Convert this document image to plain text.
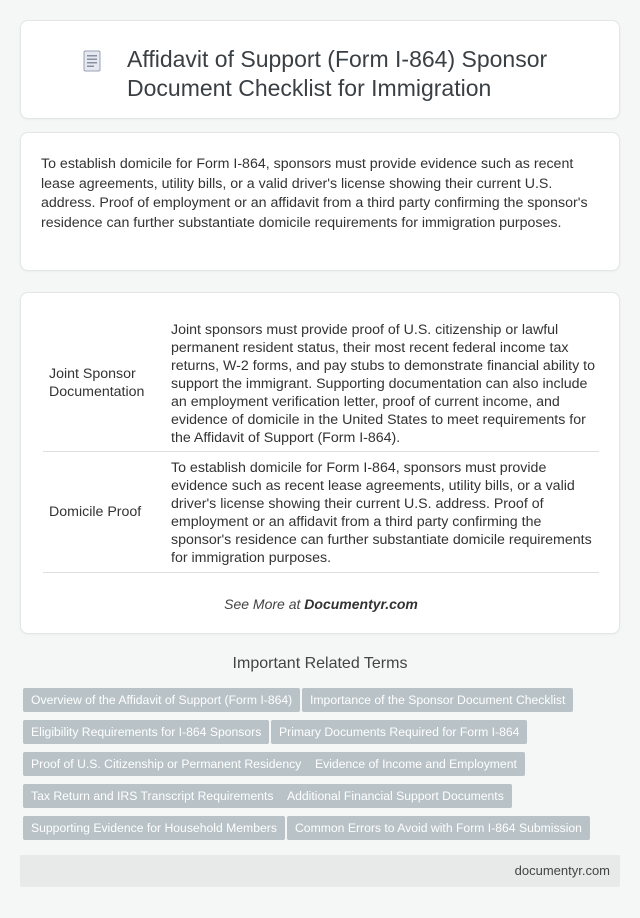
Affidavit of Support (Form I-864) Sponsor Document Checklist for Immigration

To establish domicile for Form I-864, sponsors must provide evidence such as recent lease agreements, utility bills, or a valid driver's license showing their current U.S. address. Proof of employment or an affidavit from a third party confirming the sponsor's residence can further substantiate domicile requirements for immigration purposes.

Joint Sponsor Documentation
Joint sponsors must provide proof of U.S. citizenship or lawful permanent resident status, their most recent federal income tax returns, W-2 forms, and pay stubs to demonstrate financial ability to support the immigrant. Supporting documentation can also include an employment verification letter, proof of current income, and evidence of domicile in the United States to meet requirements for the Affidavit of Support (Form I-864).
Domicile Proof
To establish domicile for Form I-864, sponsors must provide evidence such as recent lease agreements, utility bills, or a valid driver's license showing their current U.S. address. Proof of employment or an affidavit from a third party confirming the sponsor's residence can further substantiate domicile requirements for immigration purposes.
See More at Documentyr.com
Important Related Terms
Overview of the Affidavit of Support (Form I-864)	Importance of the Sponsor Document Checklist
Eligibility Requirements for I-864 Sponsors	Primary Documents Required for Form I-864
Proof of U.S. Citizenship or Permanent Residency	Evidence of Income and Employment
Tax Return and IRS Transcript Requirements	Additional Financial Support Documents
Supporting Evidence for Household Members	Common Errors to Avoid with Form I-864 Submission
documentyr.com
